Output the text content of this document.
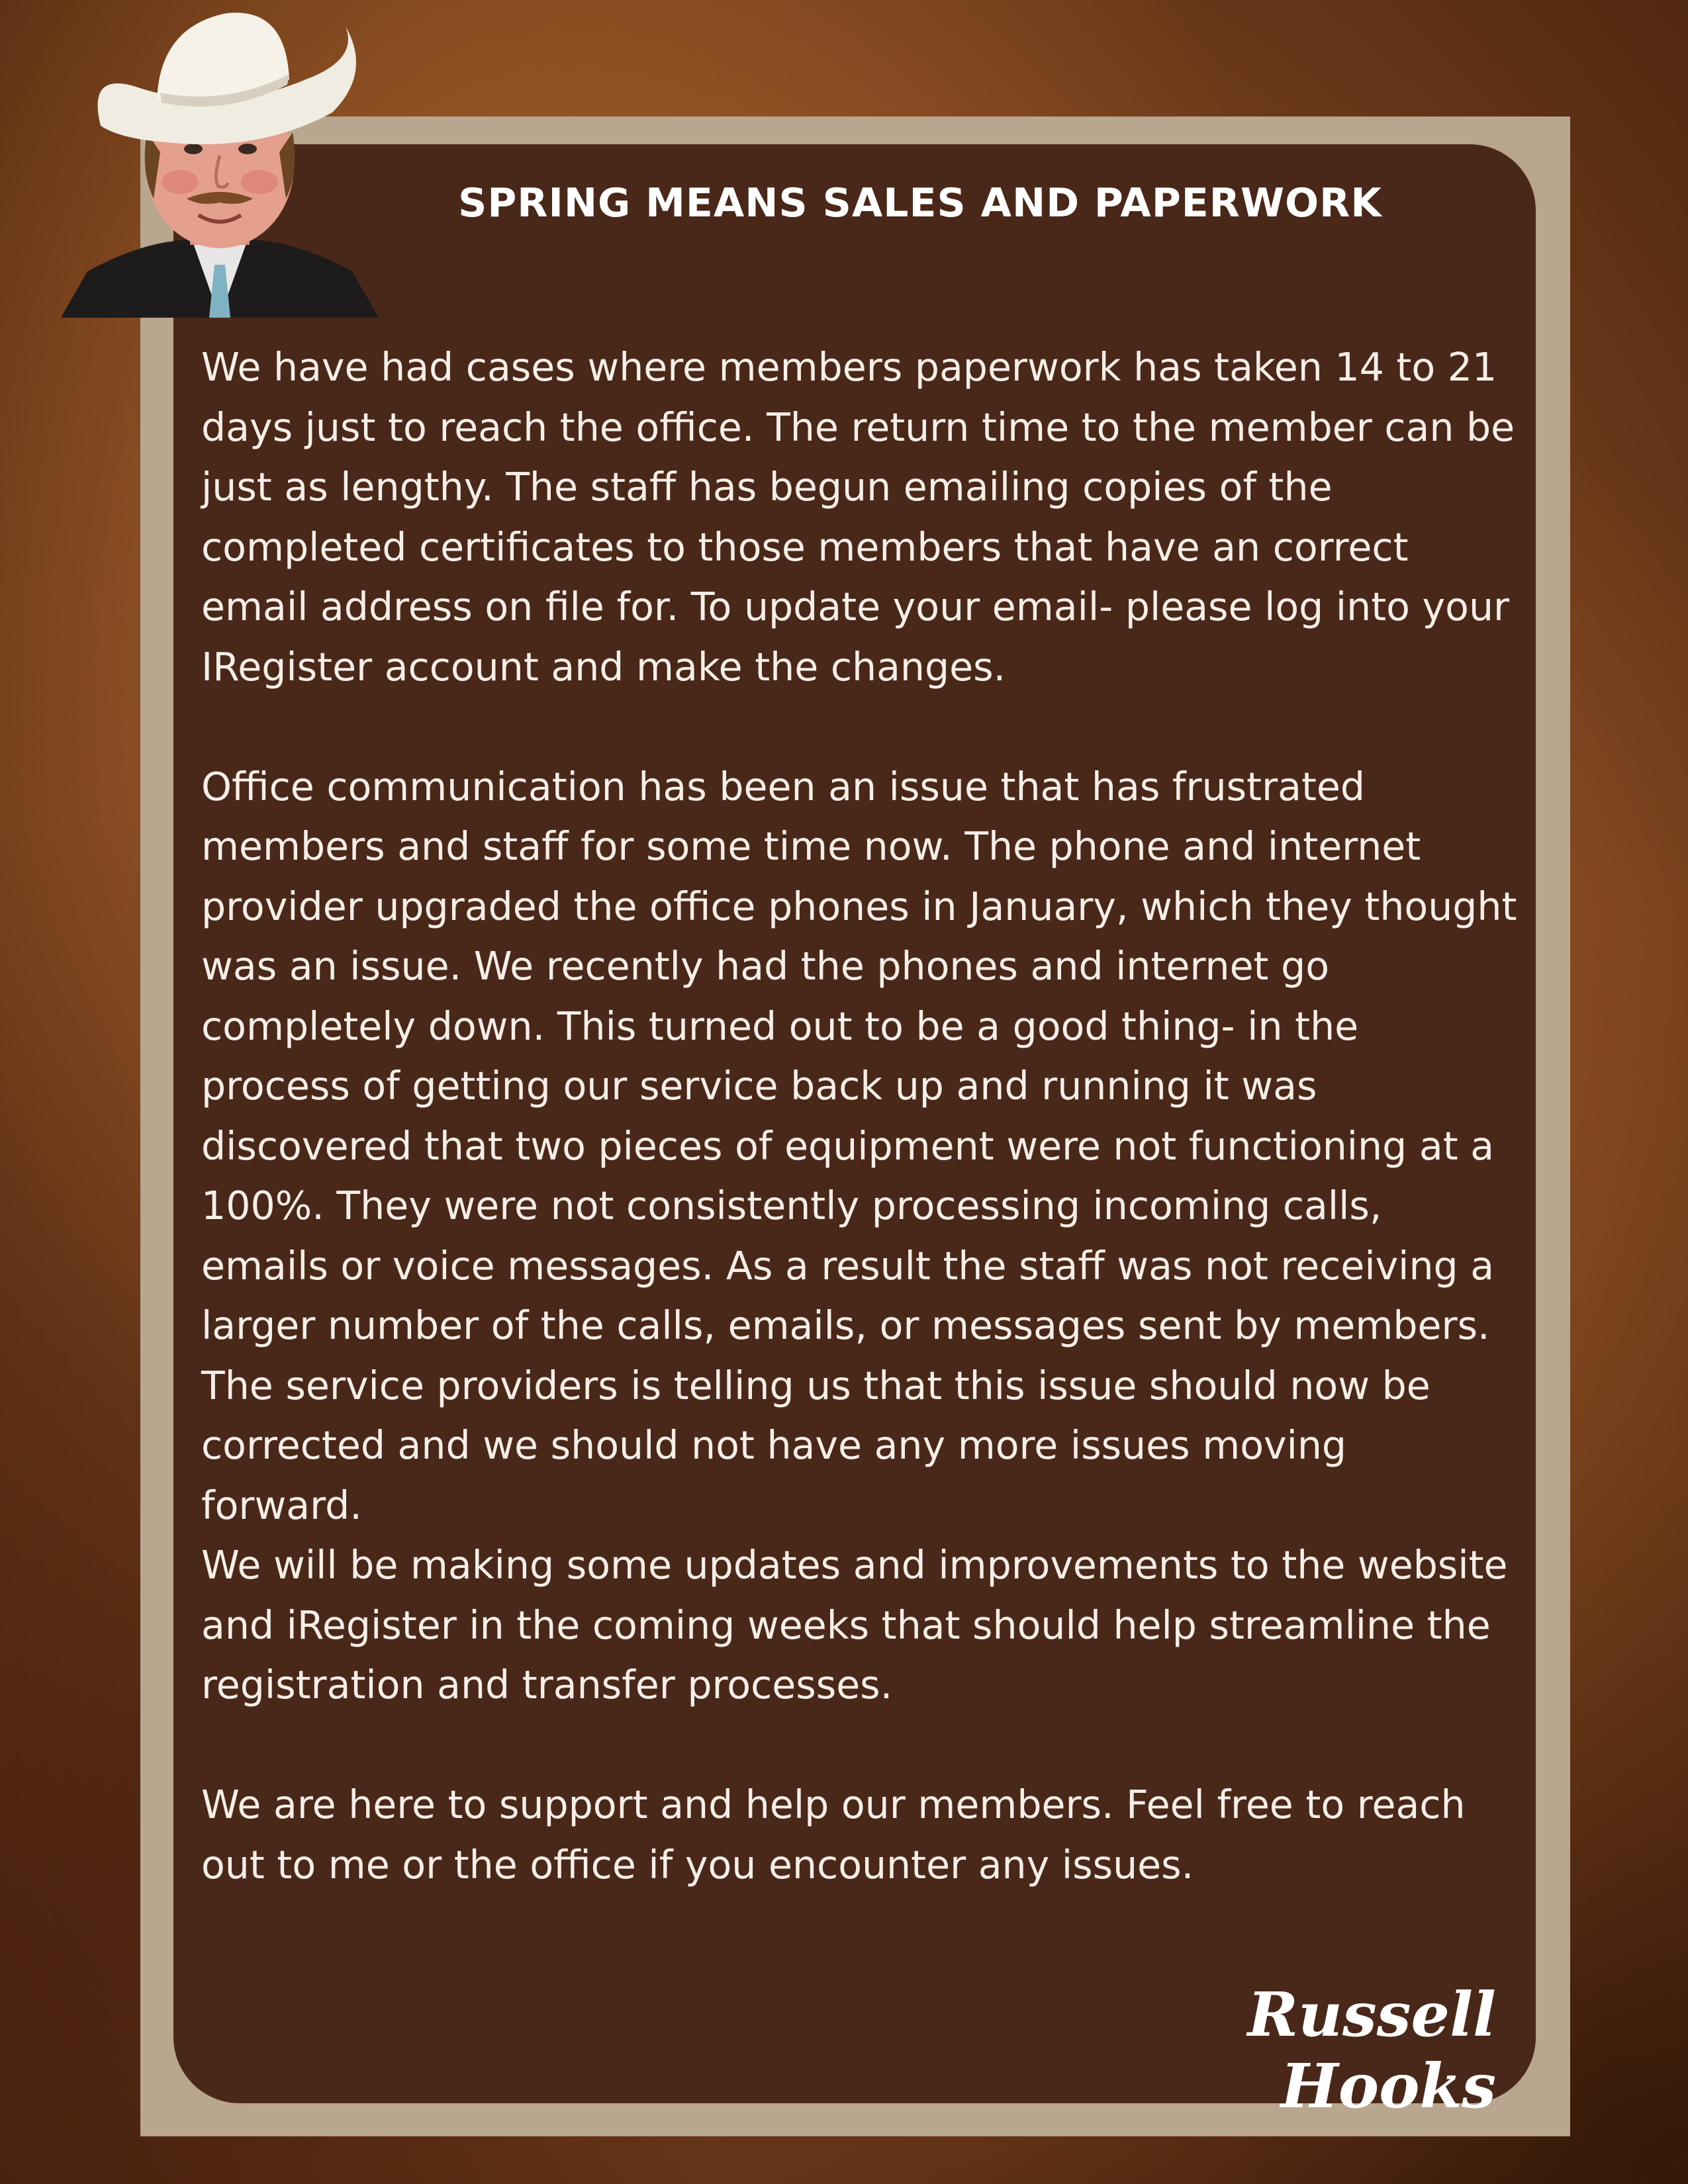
SPRING MEANS SALES AND PAPERWORK

We have had cases where members paperwork has taken 14 to 21 days just to reach the office. The return time to the member can be just as lengthy. The staff has begun emailing copies of the completed certificates to those members that have an correct email address on file for. To update your email- please log into your IRegister account and make the changes.

Office communication has been an issue that has frustrated members and staff for some time now. The phone and internet provider upgraded the office phones in January, which they thought was an issue. We recently had the phones and internet go completely down. This turned out to be a good thing- in the process of getting our service back up and running it was discovered that two pieces of equipment were not functioning at a 100%. They were not consistently processing incoming calls, emails or voice messages. As a result the staff was not receiving a larger number of the calls, emails, or messages sent by members. The service providers is telling us that this issue should now be corrected and we should not have any more issues moving forward.

We will be making some updates and improvements to the website and iRegister in the coming weeks that should help streamline the registration and transfer processes.

We are here to support and help our members. Feel free to reach out to me or the office if you encounter any issues.

Russell Hooks
